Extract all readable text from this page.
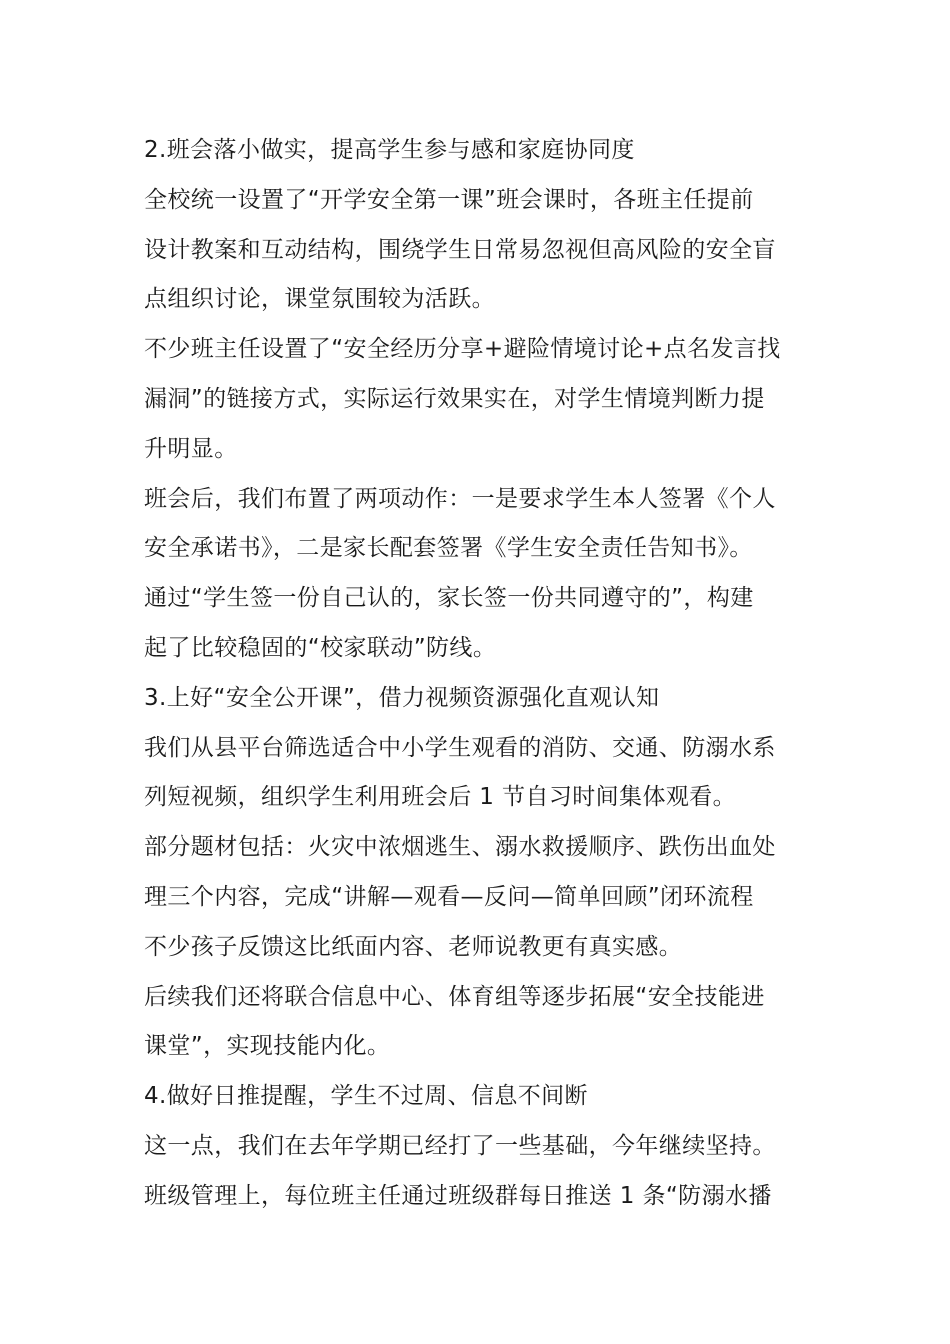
2.班会落小做实，提高学生参与感和家庭协同度

全校统一设置了“开学安全第一课”班会课时，各班主任提前

设计教案和互动结构，围绕学生日常易忽视但高风险的安全盲

点组织讨论，课堂氛围较为活跃。

不少班主任设置了“安全经历分享+避险情境讨论+点名发言找

漏洞”的链接方式，实际运行效果实在，对学生情境判断力提

升明显。

班会后，我们布置了两项动作：一是要求学生本人签署《个人

安全承诺书》，二是家长配套签署《学生安全责任告知书》。

通过“学生签一份自己认的，家长签一份共同遵守的”，构建

起了比较稳固的“校家联动”防线。

3.上好“安全公开课”，借力视频资源强化直观认知

我们从县平台筛选适合中小学生观看的消防、交通、防溺水系

列短视频，组织学生利用班会后 1 节自习时间集体观看。

部分题材包括：火灾中浓烟逃生、溺水救援顺序、跌伤出血处

理三个内容，完成“讲解—观看—反问—简单回顾”闭环流程

不少孩子反馈这比纸面内容、老师说教更有真实感。

后续我们还将联合信息中心、体育组等逐步拓展“安全技能进

课堂”，实现技能内化。

4.做好日推提醒，学生不过周、信息不间断

这一点，我们在去年学期已经打了一些基础，今年继续坚持。

班级管理上，每位班主任通过班级群每日推送 1 条“防溺水播
